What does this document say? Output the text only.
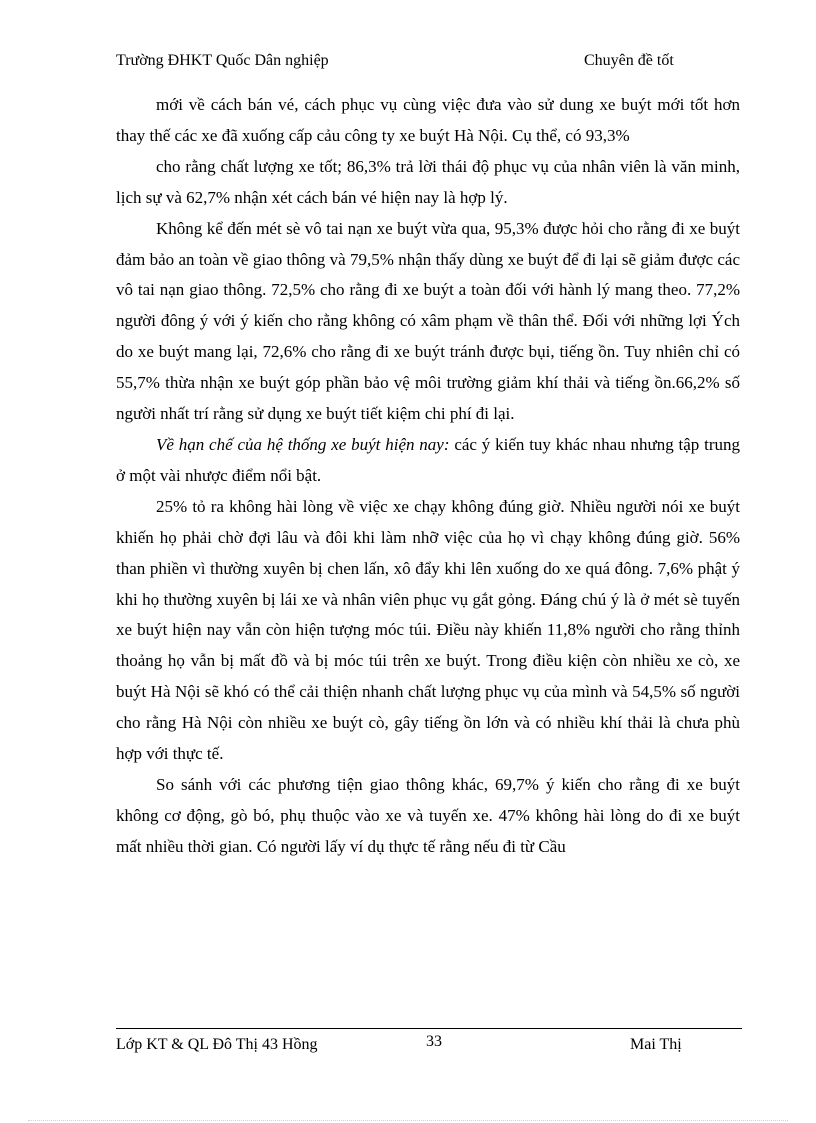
Trường ĐHKT Quốc Dân nghiệp	Chuyên đề tốt

mới về cách bán vé, cách phục vụ cùng việc đưa vào sử dung xe buýt mới tốt hơn thay thế các xe đã xuống cấp cảu công ty xe buýt Hà Nội. Cụ thể, có 93,3%

cho rằng chất lượng xe tốt; 86,3% trả lời thái độ phục vụ của nhân viên là văn minh, lịch sự và 62,7% nhận xét cách bán vé hiện nay là hợp lý.

Không kể đến mét sè vô tai nạn xe buýt vừa qua, 95,3% được hỏi cho rằng đi xe buýt đảm bảo an toàn về giao thông và 79,5% nhận thấy dùng xe buýt để đi lại sẽ giảm được các vô tai nạn giao thông. 72,5% cho rằng đi xe buýt a toàn đối với hành lý mang theo. 77,2% người đông ý với ý kiến cho rằng không có xâm phạm về thân thể. Đối với những lợi Ých do xe buýt mang lại, 72,6% cho rằng đi xe buýt tránh được bụi, tiếng ồn. Tuy nhiên chỉ có 55,7% thừa nhận xe buýt góp phần bảo vệ môi trường giảm khí thải và tiếng ồn.66,2% số người nhất trí rằng sử dụng xe buýt tiết kiệm chi phí đi lại.

Về hạn chế của hệ thống xe buýt hiện nay: các ý kiến tuy khác nhau nhưng tập trung ở một vài nhược điểm nổi bật.

25% tỏ ra không hài lòng về việc xe chạy không đúng giờ. Nhiều người nói xe buýt khiến họ phải chờ đợi lâu và đôi khi làm nhỡ việc của họ vì chạy không đúng giờ. 56% than phiền vì thường xuyên bị chen lấn, xô đẩy khi lên xuống do xe quá đông. 7,6% phật ý khi họ thường xuyên bị lái xe và nhân viên phục vụ gắt gỏng. Đáng chú ý là ở mét sè tuyến xe buýt hiện nay vẫn còn hiện tượng móc túi. Điều này khiến 11,8% người cho rằng thỉnh thoảng họ vẫn bị mất đồ và bị móc túi trên xe buýt. Trong điều kiện còn nhiều xe cò, xe buýt Hà Nội sẽ khó có thể cải thiện nhanh chất lượng phục vụ của mình và 54,5% số người cho rằng Hà Nội còn nhiều xe buýt cò, gây tiếng ồn lớn và có nhiều khí thải là chưa phù hợp với thực tế.

So sánh với các phương tiện giao thông khác, 69,7% ý kiến cho rằng đi xe buýt không cơ động, gò bó, phụ thuộc vào xe và tuyến xe. 47% không hài lòng do đi xe buýt mất nhiều thời gian. Có người lấy ví dụ thực tế rằng nếu đi từ Cầu

Lớp KT & QL Đô Thị 43 Hồng	33	Mai Thị
